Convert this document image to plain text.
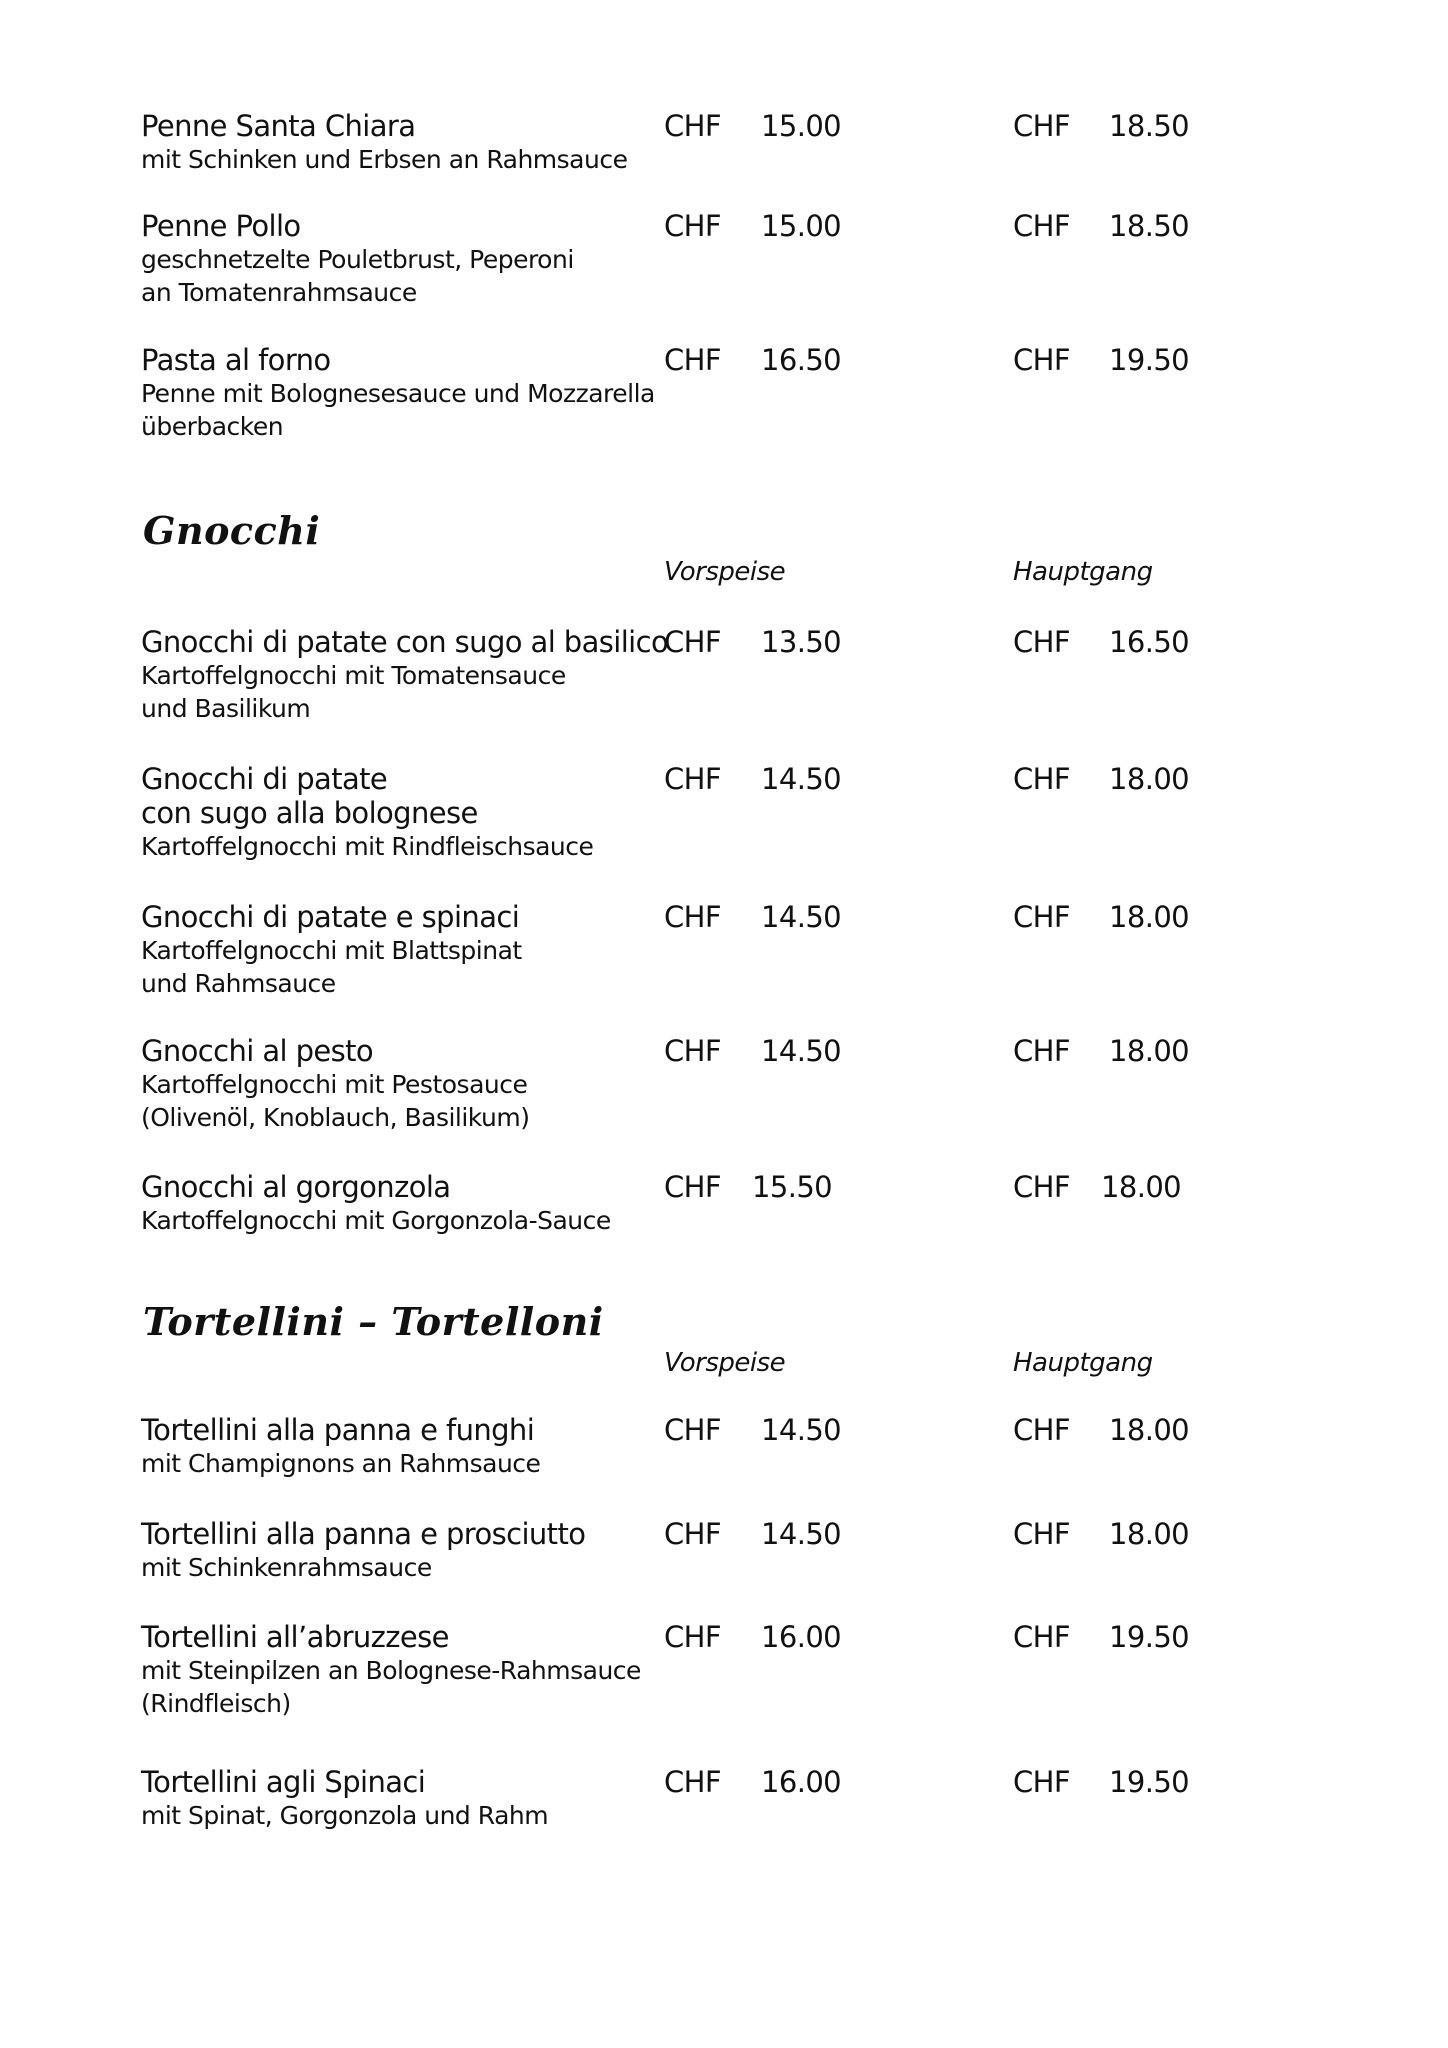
Penne Santa Chiara
mit Schinken und Erbsen an Rahmsauce
CHF 15.00	CHF 18.50
Penne Pollo
geschnetzelte Pouletbrust, Peperoni
an Tomatenrahmsauce
CHF 15.00	CHF 18.50
Pasta al forno
Penne mit Bolognesesauce und Mozzarella
überbacken
CHF 16.50	CHF 19.50
Gnocchi
Vorspeise	Hauptgang
Gnocchi di patate con sugo al basilico
Kartoffelgnocchi mit Tomatensauce
und Basilikum
CHF 13.50	CHF 16.50
Gnocchi di patate
con sugo alla bolognese
Kartoffelgnocchi mit Rindfleischsauce
CHF 14.50	CHF 18.00
Gnocchi di patate e spinaci
Kartoffelgnocchi mit Blattspinat
und Rahmsauce
CHF 14.50	CHF 18.00
Gnocchi al pesto
Kartoffelgnocchi mit Pestosauce
(Olivenöl, Knoblauch, Basilikum)
CHF 14.50	CHF 18.00
Gnocchi al gorgonzola
Kartoffelgnocchi mit Gorgonzola-Sauce
CHF 15.50	CHF 18.00
Tortellini – Tortelloni
Vorspeise	Hauptgang
Tortellini alla panna e funghi
mit Champignons an Rahmsauce
CHF 14.50	CHF 18.00
Tortellini alla panna e prosciutto
mit Schinkenrahmsauce
CHF 14.50	CHF 18.00
Tortellini all’abruzzese
mit Steinpilzen an Bolognese-Rahmsauce
(Rindfleisch)
CHF 16.00	CHF 19.50
Tortellini agli Spinaci
mit Spinat, Gorgonzola und Rahm
CHF 16.00	CHF 19.50
